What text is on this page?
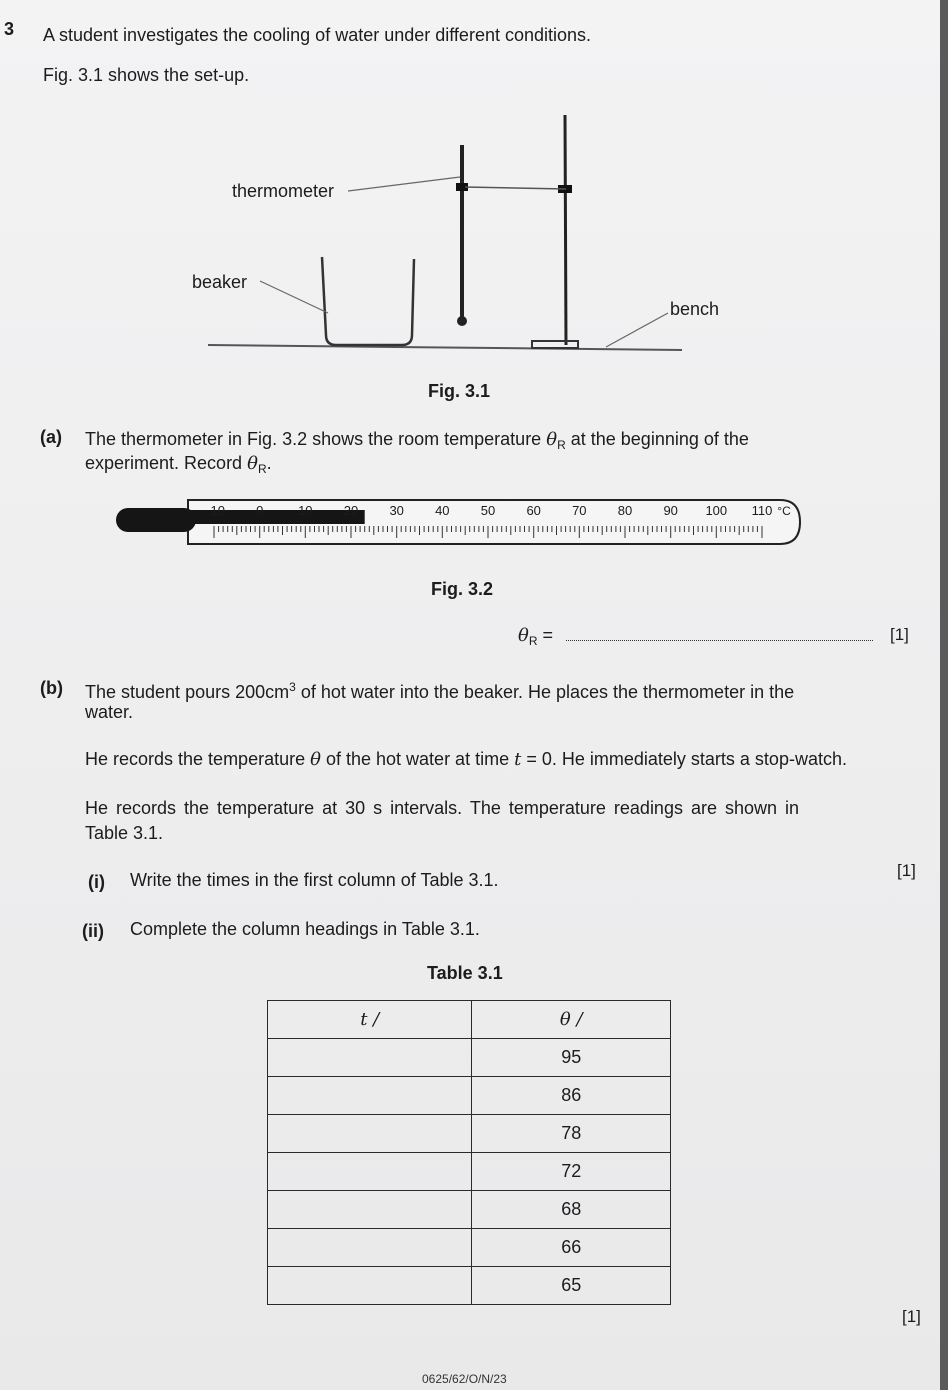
3 A student investigates the cooling of water under different conditions.
Fig. 3.1 shows the set-up.
thermometer
beaker
bench
Fig. 3.1
(a) The thermometer in Fig. 3.2 shows the room temperature $\theta_R$ at the beginning of the
experiment. Record $\theta_R$.
−10 0	10 20 30 40 50 60 70 80 90 100 110 °C
Fig. 3.2
$\theta_R$ =	[1]
(b) The student pours $200cm^3$ of hot water into the beaker. He places the thermometer in the
water.
He records the temperature θ of the hot water at time t = 0. He immediately starts a stop-watch.
He records the temperature at 30 s intervals. The temperature readings are shown in
Table 3.1.
(i) Write the times in the first column of Table 3.1.	[1]
(ii) Complete the column headings in Table 3.1.
Table 3.1
t /	θ /
	95
	86
	78
	72
	68
	66
	65
[1]
0625/62/O/N/23
